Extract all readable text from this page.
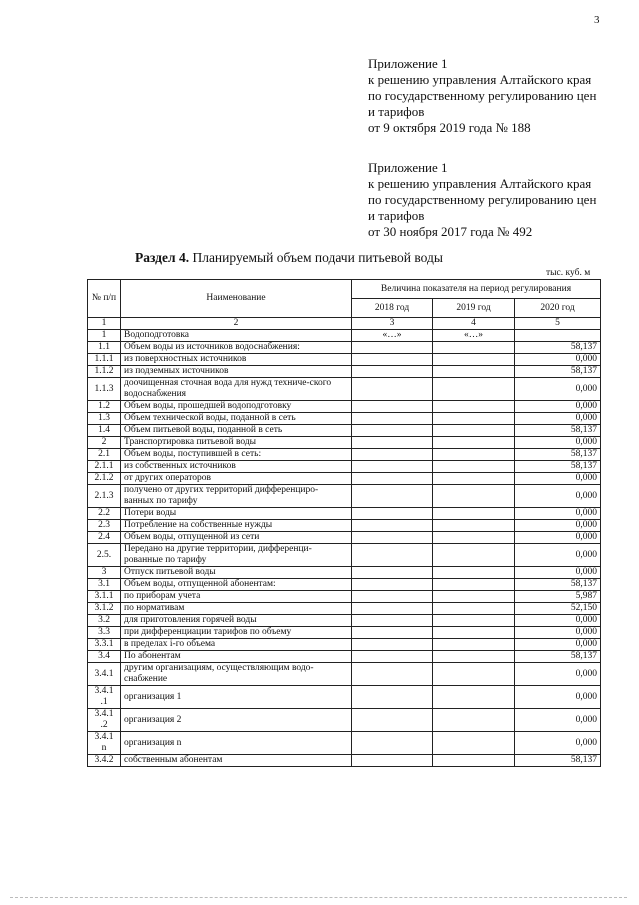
3
Приложение 1
к решению управления Алтайского края
по государственному регулированию цен
и тарифов
от 9 октября 2019 года № 188
Приложение 1
к решению управления Алтайского края
по государственному регулированию цен
и тарифов
от 30 ноября 2017 года № 492
Раздел 4. Планируемый объем подачи питьевой воды
тыс. куб. м
№ п/п	Наименование	Величина показателя на период регулирования		
		2018 год	2019 год	2020 год
1	2	3	4	5
1	Водоподготовка	«…»	«…»	
1.1	Объем воды из источников водоснабжения:			58,137
1.1.1	из поверхностных источников			0,000
1.1.2	из подземных источников			58,137
1.1.3	доочищенная сточная вода для нужд техниче-ского водоснабжения			0,000
1.2	Объем воды, прошедшей водоподготовку			0,000
1.3	Объем технической воды, поданной в сеть			0,000
1.4	Объем питьевой воды, поданной в сеть			58,137
2	Транспортировка питьевой воды			0,000
2.1	Объем воды, поступившей в сеть:			58,137
2.1.1	из собственных источников			58,137
2.1.2	от других операторов			0,000
2.1.3	получено от других территорий дифференциро-ванных по тарифу			0,000
2.2	Потери воды			0,000
2.3	Потребление на собственные нужды			0,000
2.4	Объем воды, отпущенной из сети			0,000
2.5.	Передано на другие территории, дифференци-рованные по тарифу			0,000
3	Отпуск питьевой воды			0,000
3.1	Объем воды, отпущенной абонентам:			58,137
3.1.1	по приборам учета			5,987
3.1.2	по нормативам			52,150
3.2	для приготовления горячей воды			0,000
3.3	при дифференциации тарифов по объему			0,000
3.3.1	в пределах i-го объема			0,000
3.4	По абонентам			58,137
3.4.1	другим организациям, осуществляющим водо-снабжение			0,000
3.4.1 .1	организация 1			0,000
3.4.1 .2	организация 2			0,000
3.4.1 n	организация n			0,000
3.4.2	собственным абонентам			58,137
